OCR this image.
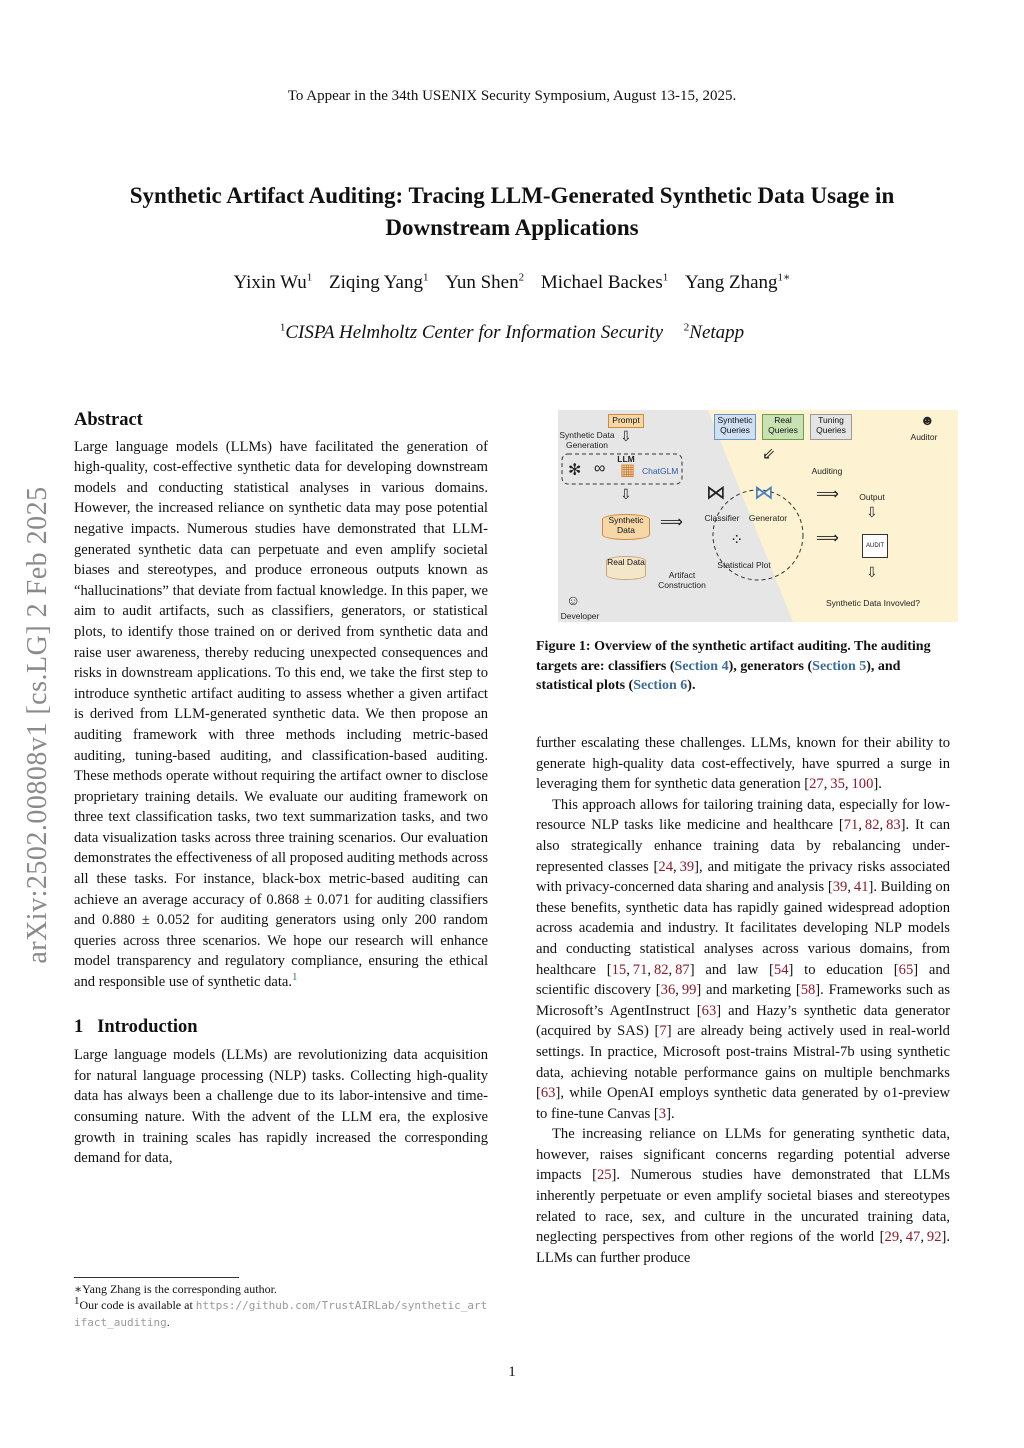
To Appear in the 34th USENIX Security Symposium, August 13-15, 2025.
Synthetic Artifact Auditing: Tracing LLM-Generated Synthetic Data Usage in Downstream Applications
Yixin Wu$^1$ Ziqing Yang$^1$ Yun Shen$^2$ Michael Backes$^1$ Yang Zhang$^{1∗}$
$^1$CISPA Helmholtz Center for Information Security $^2$Netapp
arXiv:2502.00808v1 [cs.LG] 2 Feb 2025
Abstract

Large language models (LLMs) have facilitated the generation of high-quality, cost-effective synthetic data for developing downstream models and conducting statistical analyses in various domains. However, the increased reliance on synthetic data may pose potential negative impacts. Numerous studies have demonstrated that LLM-generated synthetic data can perpetuate and even amplify societal biases and stereotypes, and produce erroneous outputs known as “hallucinations” that deviate from factual knowledge. In this paper, we aim to audit artifacts, such as classifiers, generators, or statistical plots, to identify those trained on or derived from synthetic data and raise user awareness, thereby reducing unexpected consequences and risks in downstream applications. To this end, we take the first step to introduce synthetic artifact auditing to assess whether a given artifact is derived from LLM-generated synthetic data. We then propose an auditing framework with three methods including metric-based auditing, tuning-based auditing, and classification-based auditing. These methods operate without requiring the artifact owner to disclose proprietary training details. We evaluate our auditing framework on three text classification tasks, two text summarization tasks, and two data visualization tasks across three training scenarios. Our evaluation demonstrates the effectiveness of all proposed auditing methods across all these tasks. For instance, black-box metric-based auditing can achieve an average accuracy of 0.868 ± 0.071 for auditing classifiers and 0.880 ± 0.052 for auditing generators using only 200 random queries across three scenarios. We hope our research will enhance model transparency and regulatory compliance, ensuring the ethical and responsible use of synthetic data.$^1$

1 Introduction

Large language models (LLMs) are revolutionizing data acquisition for natural language processing (NLP) tasks. Collecting high-quality data has always been a challenge due to its labor-intensive and time-consuming nature. With the advent of the LLM era, the explosive growth in training scales has rapidly increased the corresponding demand for data,

∗Yang Zhang is the corresponding author.
$^1$Our code is available at https://github.com/TrustAIRLab/synthetic_artifact_auditing.
Prompt
Synthetic Data Generation
⇩
LLM
✻ ∞ ▦ ChatGLM
⇩
Synthetic Data
Real Data
Artifact Construction
⟹
☺
Developer
⋈ ⋈
Classifier Generator
⁘
Statistical Plot
Synthetic Queries
Real Queries
Tuning Queries
⇙
☻
Auditor
Auditing
⟹
⟹
Output
⇩
AUDIT
⇩
Synthetic Data Invovled?
Figure 1: Overview of the synthetic artifact auditing. The auditing targets are: classifiers (Section 4), generators (Section 5), and statistical plots (Section 6).

further escalating these challenges. LLMs, known for their ability to generate high-quality data cost-effectively, have spurred a surge in leveraging them for synthetic data generation [27, 35, 100].

This approach allows for tailoring training data, especially for low-resource NLP tasks like medicine and healthcare [71, 82, 83]. It can also strategically enhance training data by rebalancing under-represented classes [24, 39], and mitigate the privacy risks associated with privacy-concerned data sharing and analysis [39, 41]. Building on these benefits, synthetic data has rapidly gained widespread adoption across academia and industry. It facilitates developing NLP models and conducting statistical analyses across various domains, from healthcare [15, 71, 82, 87] and law [54] to education [65] and scientific discovery [36, 99] and marketing [58]. Frameworks such as Microsoft’s AgentInstruct [63] and Hazy’s synthetic data generator (acquired by SAS) [7] are already being actively used in real-world settings. In practice, Microsoft post-trains Mistral-7b using synthetic data, achieving notable performance gains on multiple benchmarks [63], while OpenAI employs synthetic data generated by o1-preview to fine-tune Canvas [3].

The increasing reliance on LLMs for generating synthetic data, however, raises significant concerns regarding potential adverse impacts [25]. Numerous studies have demonstrated that LLMs inherently perpetuate or even amplify societal biases and stereotypes related to race, sex, and culture in the uncurated training data, neglecting perspectives from other regions of the world [29, 47, 92]. LLMs can further produce

1
